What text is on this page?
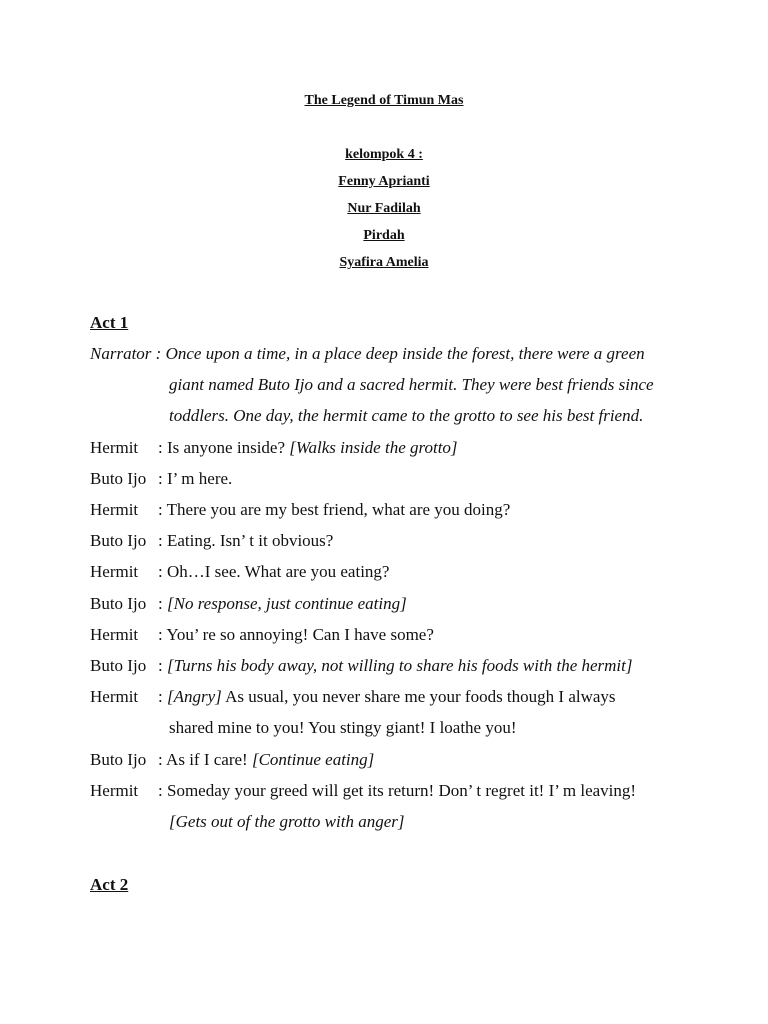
The Legend of Timun Mas
kelompok 4 :
Fenny Aprianti
Nur Fadilah
Pirdah
Syafira Amelia
Act 1
Narrator : Once upon a time, in a place deep inside the forest, there were a green
giant named Buto Ijo and a sacred hermit. They were best friends since
toddlers. One day, the hermit came to the grotto to see his best friend.
Hermit : Is anyone inside? [Walks inside the grotto]
Buto Ijo : I’ m here.
Hermit : There you are my best friend, what are you doing?
Buto Ijo : Eating. Isn’ t it obvious?
Hermit : Oh…I see. What are you eating?
Buto Ijo : [No response, just continue eating]
Hermit : You’ re so annoying! Can I have some?
Buto Ijo : [Turns his body away, not willing to share his foods with the hermit]
Hermit : [Angry] As usual, you never share me your foods though I always
shared mine to you! You stingy giant! I loathe you!
Buto Ijo : As if I care! [Continue eating]
Hermit : Someday your greed will get its return! Don’ t regret it! I’ m leaving!
[Gets out of the grotto with anger]
Act 2
